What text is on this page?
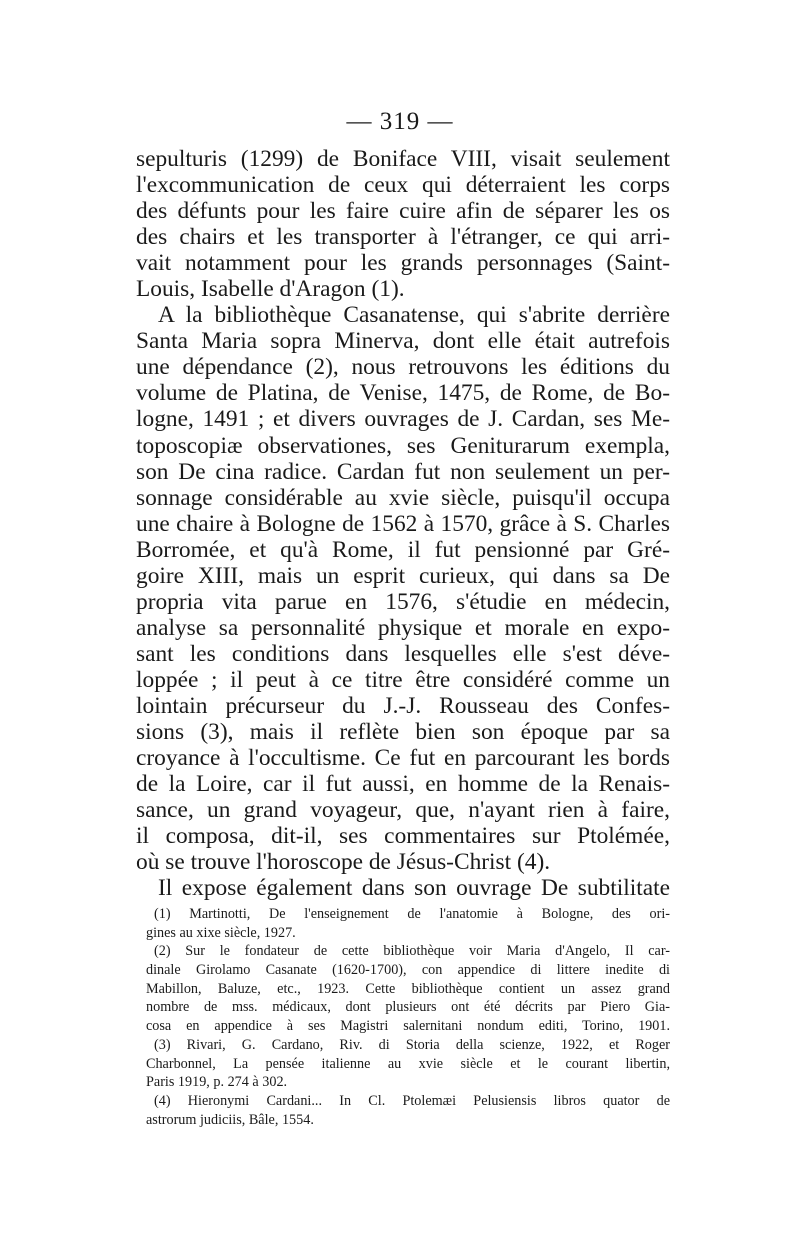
— 319 —
sepulturis (1299) de Boniface VIII, visait seulement
l'excommunication de ceux qui déterraient les corps
des défunts pour les faire cuire afin de séparer les os
des chairs et les transporter à l'étranger, ce qui arri-
vait notamment pour les grands personnages (Saint-
Louis, Isabelle d'Aragon (1).
A la bibliothèque Casanatense, qui s'abrite derrière
Santa Maria sopra Minerva, dont elle était autrefois
une dépendance (2), nous retrouvons les éditions du
volume de Platina, de Venise, 1475, de Rome, de Bo-
logne, 1491 ; et divers ouvrages de J. Cardan, ses Me-
toposcopiæ observationes, ses Geniturarum exempla,
son De cina radice. Cardan fut non seulement un per-
sonnage considérable au xvie siècle, puisqu'il occupa
une chaire à Bologne de 1562 à 1570, grâce à S. Charles
Borromée, et qu'à Rome, il fut pensionné par Gré-
goire XIII, mais un esprit curieux, qui dans sa De
propria vita parue en 1576, s'étudie en médecin,
analyse sa personnalité physique et morale en expo-
sant les conditions dans lesquelles elle s'est déve-
loppée ; il peut à ce titre être considéré comme un
lointain précurseur du J.-J. Rousseau des Confes-
sions (3), mais il reflète bien son époque par sa
croyance à l'occultisme. Ce fut en parcourant les bords
de la Loire, car il fut aussi, en homme de la Renais-
sance, un grand voyageur, que, n'ayant rien à faire,
il composa, dit-il, ses commentaires sur Ptolémée,
où se trouve l'horoscope de Jésus-Christ (4).
Il expose également dans son ouvrage De subtilitate
(1) Martinotti, De l'enseignement de l'anatomie à Bologne, des ori-
gines au xixe siècle, 1927.
(2) Sur le fondateur de cette bibliothèque voir Maria d'Angelo, Il car-
dinale Girolamo Casanate (1620-1700), con appendice di littere inedite di
Mabillon, Baluze, etc., 1923. Cette bibliothèque contient un assez grand
nombre de mss. médicaux, dont plusieurs ont été décrits par Piero Gia-
cosa en appendice à ses Magistri salernitani nondum editi, Torino, 1901.
(3) Rivari, G. Cardano, Riv. di Storia della scienze, 1922, et Roger
Charbonnel, La pensée italienne au xvie siècle et le courant libertin,
Paris 1919, p. 274 à 302.
(4) Hieronymi Cardani... In Cl. Ptolemæi Pelusiensis libros quator de
astrorum judiciis, Bâle, 1554.
